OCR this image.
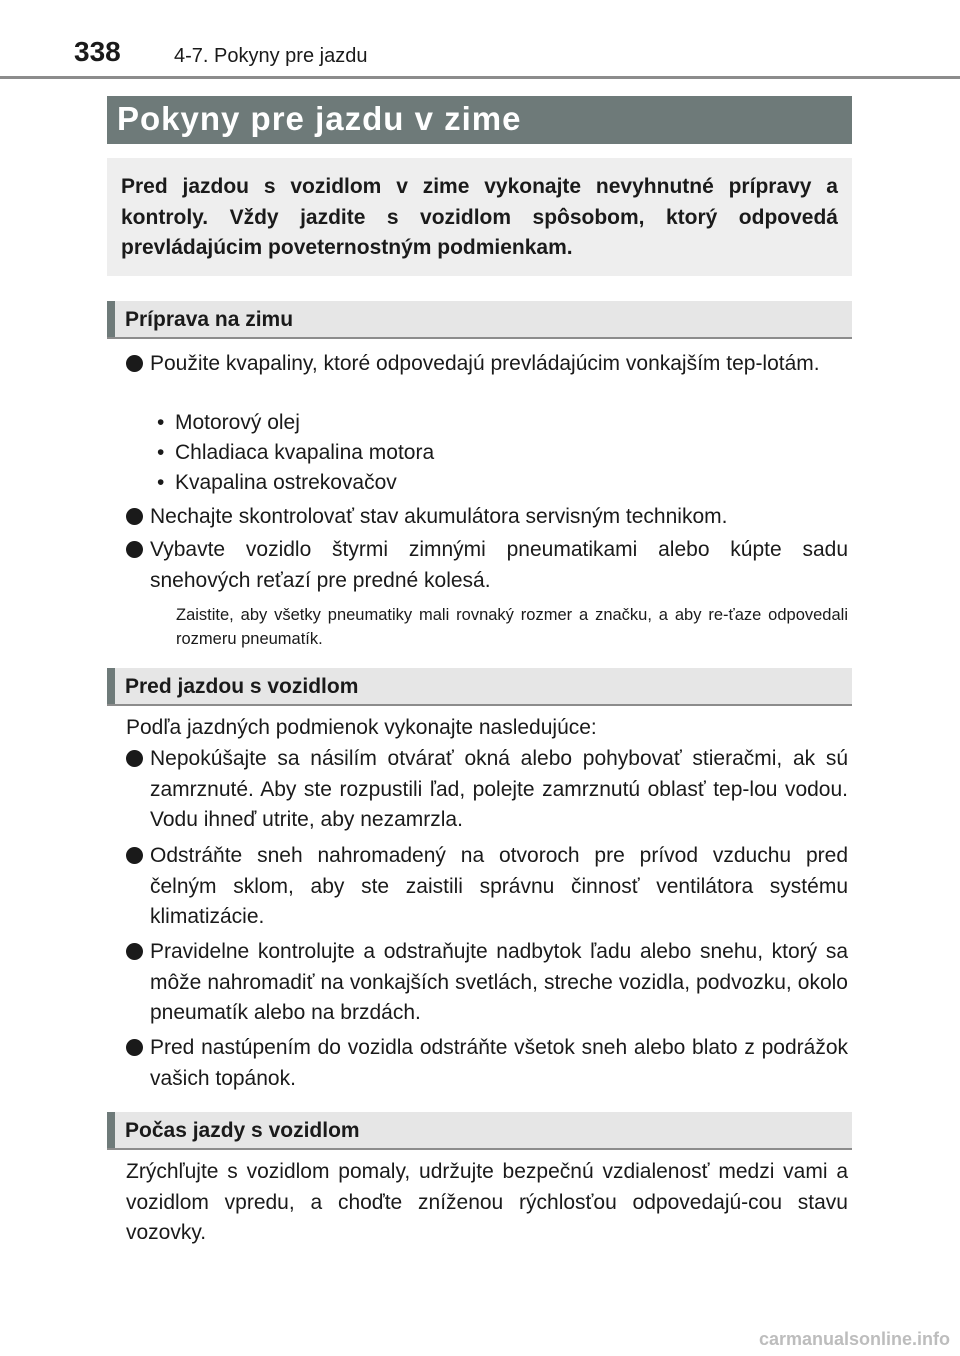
338	4-7. Pokyny pre jazdu
Pokyny pre jazdu v zime

Pred jazdou s vozidlom v zime vykonajte nevyhnutné prípravy a kontroly. Vždy jazdite s vozidlom spôsobom, ktorý odpovedá prevládajúcim poveternostným podmienkam.

Príprava na zimu
Použite kvapaliny, ktoré odpovedajú prevládajúcim vonkajším tep-lotám.
• Motorový olej
• Chladiaca kvapalina motora
• Kvapalina ostrekovačov
Nechajte skontrolovať stav akumulátora servisným technikom.
Vybavte vozidlo štyrmi zimnými pneumatikami alebo kúpte sadu snehových reťazí pre predné kolesá.
Zaistite, aby všetky pneumatiky mali rovnaký rozmer a značku, a aby re-ťaze odpovedali rozmeru pneumatík.
Pred jazdou s vozidlom
Podľa jazdných podmienok vykonajte nasledujúce:
Nepokúšajte sa násilím otvárať okná alebo pohybovať stieračmi, ak sú zamrznuté. Aby ste rozpustili ľad, polejte zamrznutú oblasť tep-lou vodou. Vodu ihneď utrite, aby nezamrzla.
Odstráňte sneh nahromadený na otvoroch pre prívod vzduchu pred čelným sklom, aby ste zaistili správnu činnosť ventilátora systému klimatizácie.
Pravidelne kontrolujte a odstraňujte nadbytok ľadu alebo snehu, ktorý sa môže nahromadiť na vonkajších svetlách, streche vozidla, podvozku, okolo pneumatík alebo na brzdách.
Pred nastúpením do vozidla odstráňte všetok sneh alebo blato z podrážok vašich topánok.
Počas jazdy s vozidlom
Zrýchľujte s vozidlom pomaly, udržujte bezpečnú vzdialenosť medzi vami a vozidlom vpredu, a choďte zníženou rýchlosťou odpovedajú-cou stavu vozovky.
carmanualsonline.info
